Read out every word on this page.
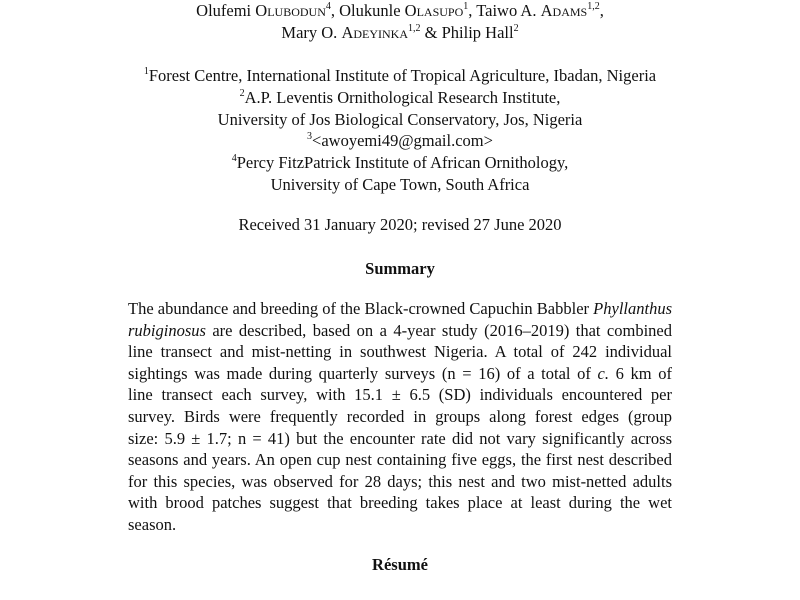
Olufemi Olubodun$^4$, Olukunle Olasupo$^1$, Taiwo A. Adams$^{1,2}$,
Mary O. Adeyinka$^{1,2}$ & Philip Hall$^2$
$^1$Forest Centre, International Institute of Tropical Agriculture, Ibadan, Nigeria
$^2$A.P. Leventis Ornithological Research Institute,
University of Jos Biological Conservatory, Jos, Nigeria
$^3$<awoyemi49@gmail.com>
$^4$Percy FitzPatrick Institute of African Ornithology,
University of Cape Town, South Africa
Received 31 January 2020; revised 27 June 2020
Summary
The abundance and breeding of the Black-crowned Capuchin Babbler Phyllanthus
rubiginosus are described, based on a 4-year study (2016–2019) that combined
line transect and mist-netting in southwest Nigeria. A total of 242 individual
sightings was made during quarterly surveys (n = 16) of a total of c. 6 km of
line transect each survey, with 15.1 ± 6.5 (SD) individuals encountered per
survey. Birds were frequently recorded in groups along forest edges (group
size: 5.9 ± 1.7; n = 41) but the encounter rate did not vary significantly across
seasons and years. An open cup nest containing five eggs, the first nest described
for this species, was observed for 28 days; this nest and two mist-netted adults
with brood patches suggest that breeding takes place at least during the wet
season.
Résumé
